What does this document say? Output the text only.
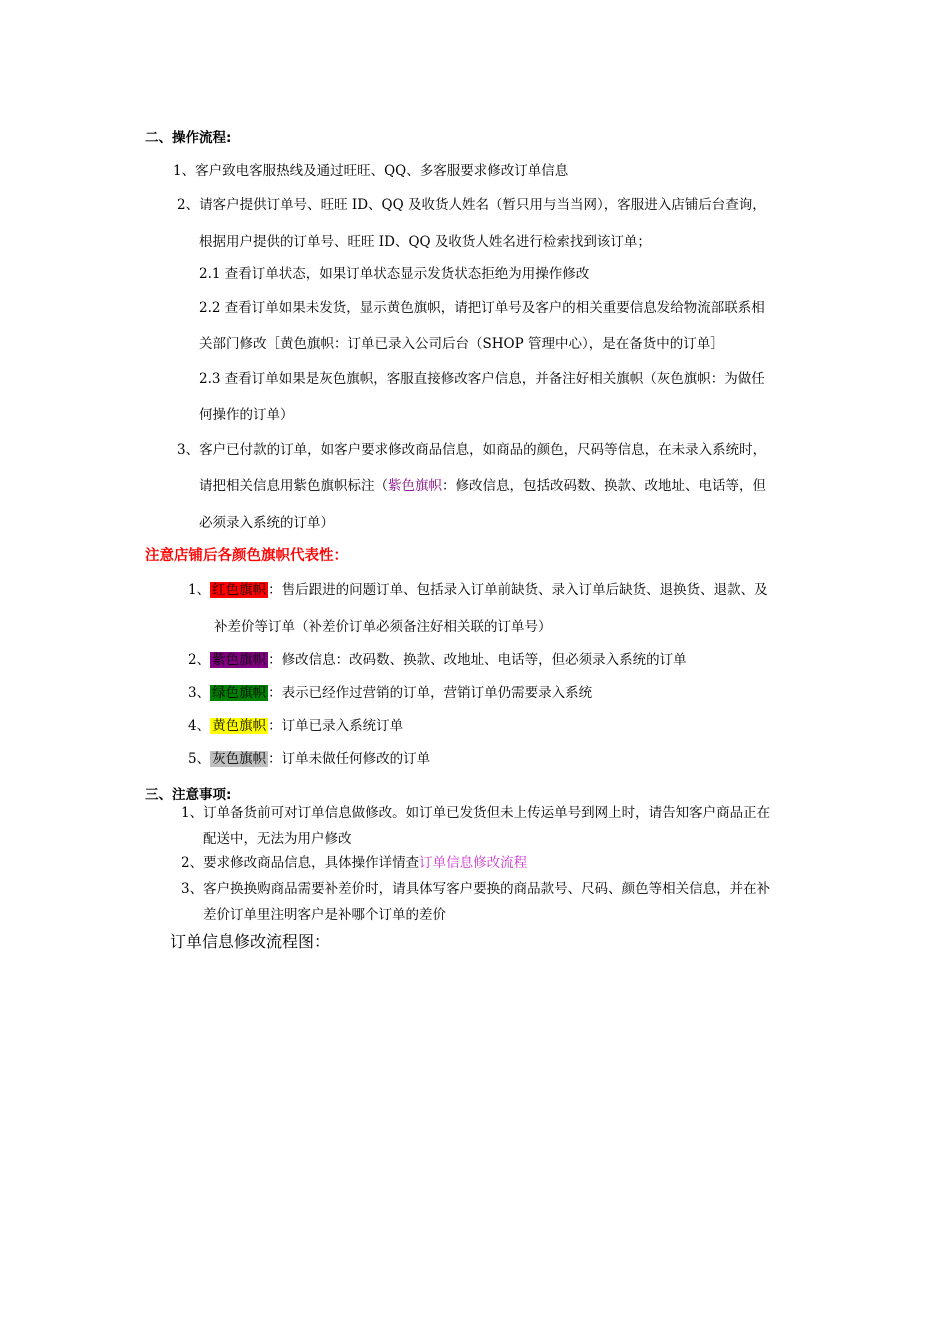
二、操作流程:
1、客户致电客服热线及通过旺旺、QQ、多客服要求修改订单信息
2、请客户提供订单号、旺旺 ID、QQ 及收货人姓名（暂只用与当当网），客服进入店铺后台查询，
根据用户提供的订单号、旺旺 ID、QQ 及收货人姓名进行检索找到该订单；
2.1 查看订单状态，如果订单状态显示发货状态拒绝为用操作修改
2.2 查看订单如果未发货，显示黄色旗帜，请把订单号及客户的相关重要信息发给物流部联系相
关部门修改［黄色旗帜：订单已录入公司后台（SHOP 管理中心），是在备货中的订单］
2.3 查看订单如果是灰色旗帜，客服直接修改客户信息，并备注好相关旗帜（灰色旗帜：为做任
何操作的订单）
3、客户已付款的订单，如客户要求修改商品信息，如商品的颜色，尺码等信息，在未录入系统时，
请把相关信息用紫色旗帜标注（紫色旗帜：修改信息，包括改码数、换款、改地址、电话等，但
必须录入系统的订单）
注意店铺后各颜色旗帜代表性：
1、 红色旗帜 ：售后跟进的问题订单、包括录入订单前缺货、录入订单后缺货、退换货、退款、及
补差价等订单（补差价订单必须备注好相关联的订单号）
2、 紫色旗帜 ：修改信息：改码数、换款、改地址、电话等，但必须录入系统的订单
3、 绿色旗帜 ：表示已经作过营销的订单，营销订单仍需要录入系统
4、 黄色旗帜 ：订单已录入系统订单
5、 灰色旗帜 ：订单未做任何修改的订单
三、注意事项:
1、订单备货前可对订单信息做修改。如订单已发货但未上传运单号到网上时，请告知客户商品正在
配送中，无法为用户修改
2、要求修改商品信息，具体操作详情查订单信息修改流程
3、客户换换购商品需要补差价时，请具体写客户要换的商品款号、尺码、颜色等相关信息，并在补
差价订单里注明客户是补哪个订单的差价
订单信息修改流程图：
